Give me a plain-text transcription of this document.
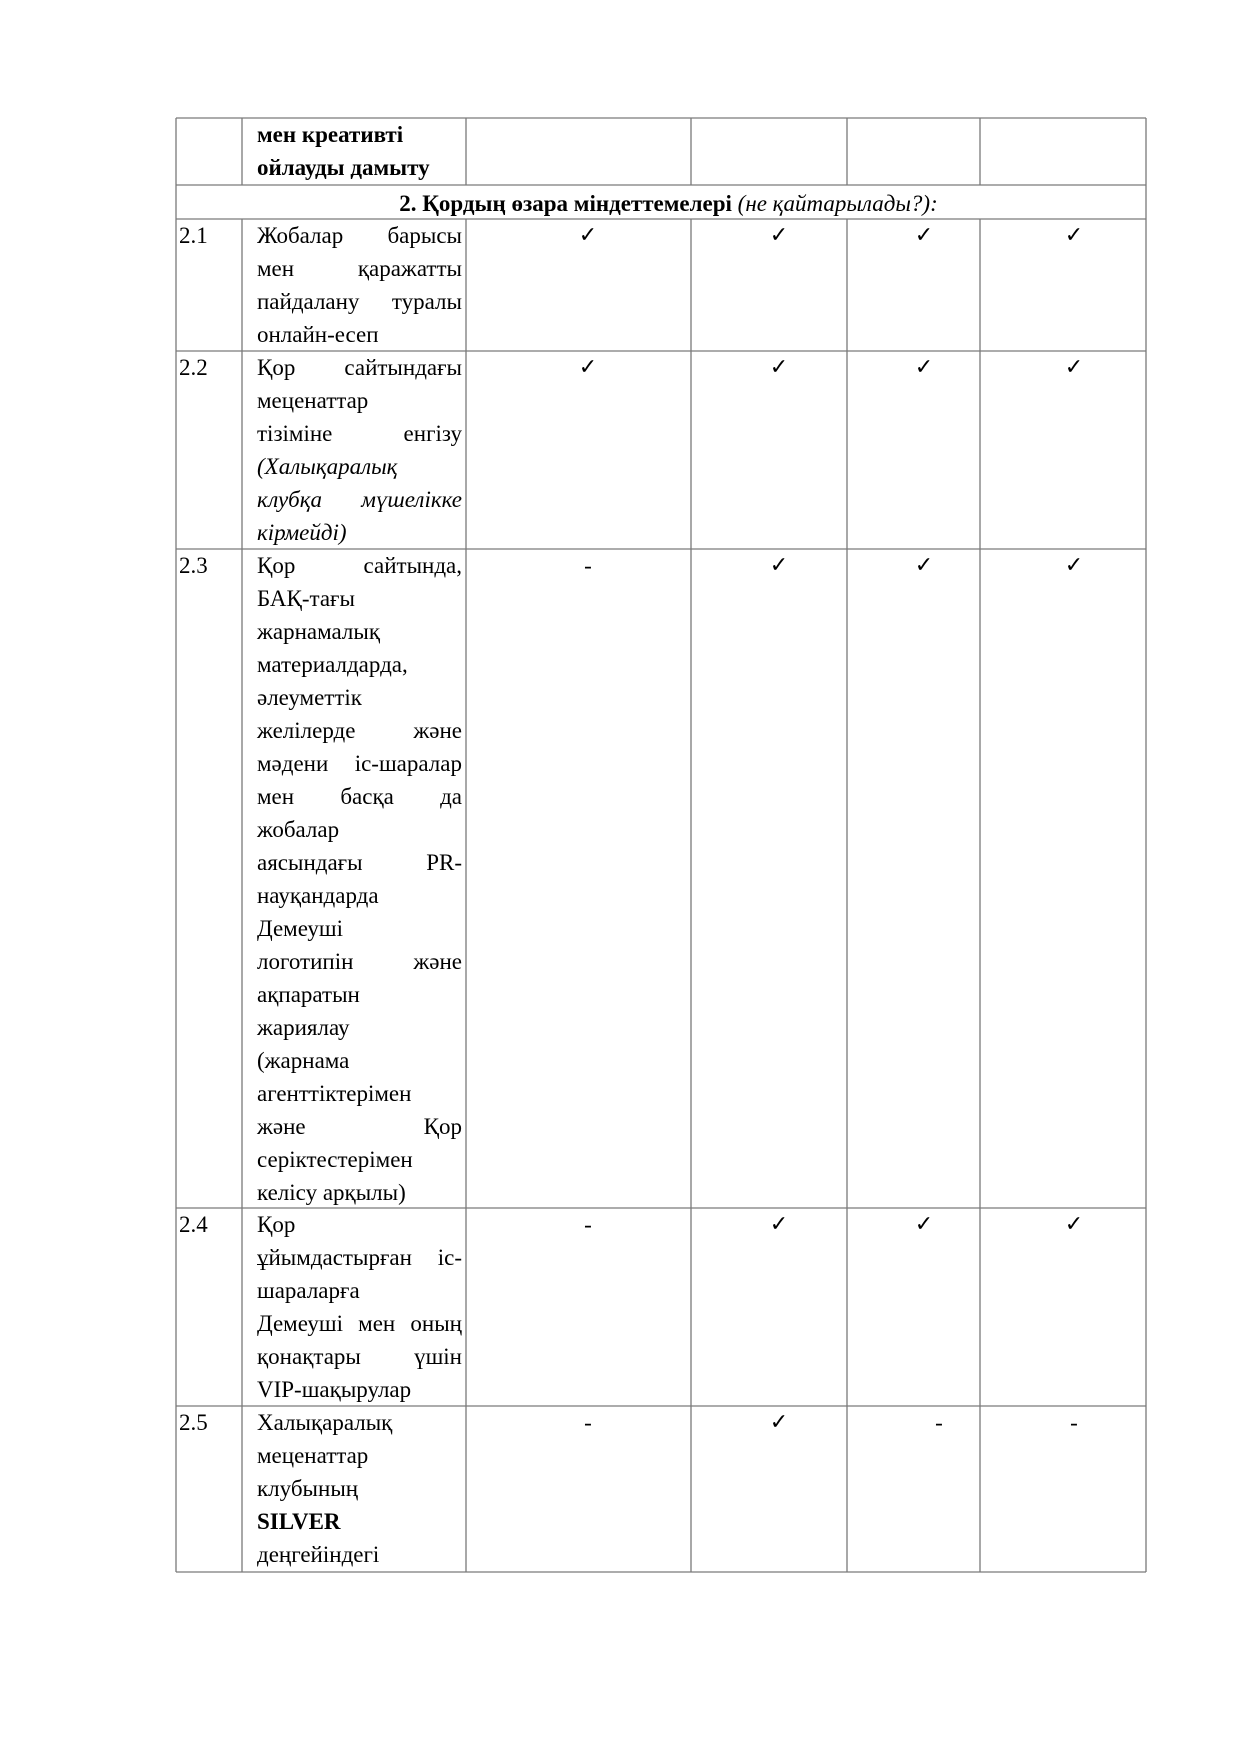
мен креативті
ойлауды дамыту
2. Қордың өзара міндеттемелері (не қайтарылады?):
2.1	Жобалар барысы

мен қаражатты

пайдалану туралы

онлайн-есеп

✓	✓	✓	✓
2.2	Қор сайтындағы

меценаттар

тізіміне енгізу

(Халықаралық

клубқа мүшелікке

кірмейді)

✓	✓	✓	✓
2.3	Қор сайтында,

БАҚ-тағы

жарнамалық

материалдарда,

әлеуметтік

желілерде және

мәдени іс-шаралар

мен басқа да

жобалар

аясындағы PR-

науқандарда

Демеуші

логотипін және

ақпаратын

жариялау

(жарнама

агенттіктерімен

және Қор

серіктестерімен

келісу арқылы)

-	✓	✓	✓
2.4	Қор

ұйымдастырған іс-

шараларға

Демеуші мен оның

қонақтары үшін

VIP-шақырулар

-	✓	✓	✓
2.5	Халықаралық

меценаттар

клубының

SILVER

деңгейіндегі

-	✓	-	-
